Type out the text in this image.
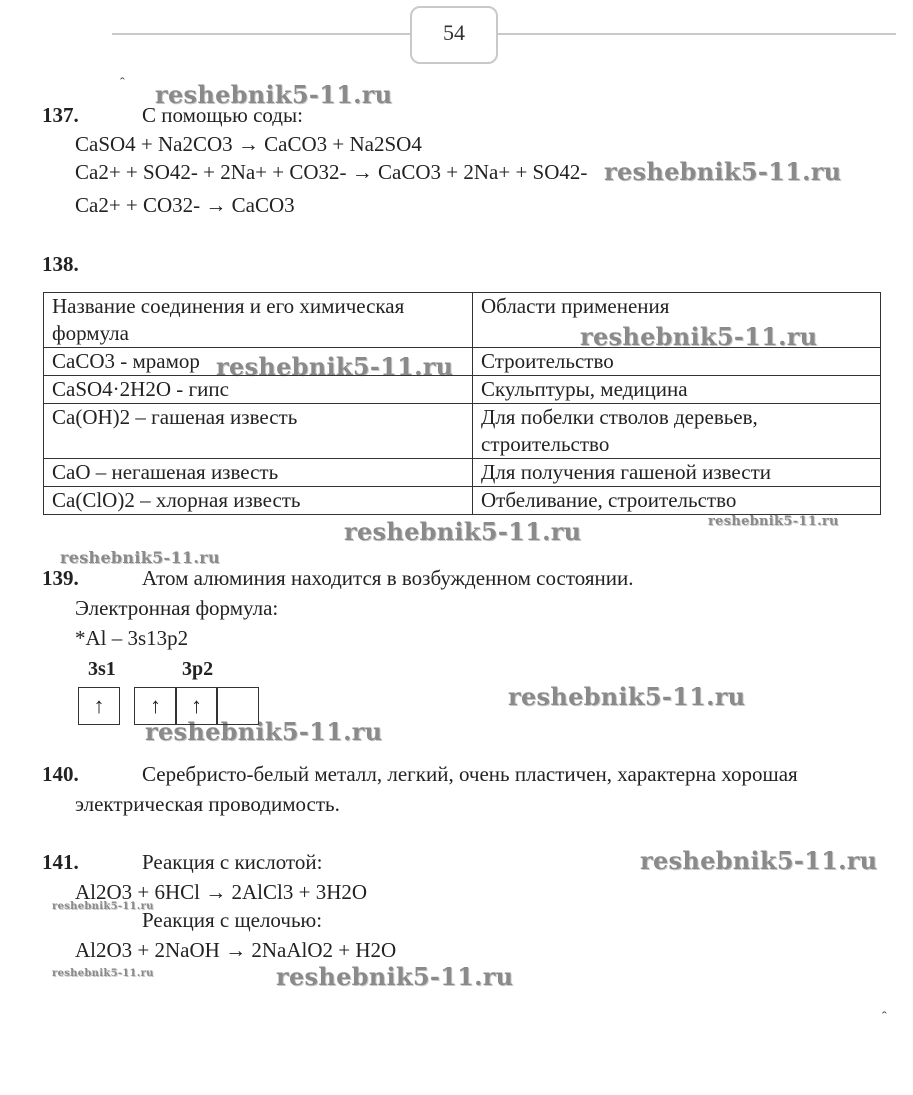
54
reshebnik5-11.ru
reshebnik5-11.ru
reshebnik5-11.ru
reshebnik5-11.ru
reshebnik5-11.ru	reshebnik5-11.ru
reshebnik5-11.ru
reshebnik5-11.ru
reshebnik5-11.ru
reshebnik5-11.ru
reshebnik5-11.ru
reshebnik5-11.ru	reshebnik5-11.ru
ˆ
ˆ
137.	С помощью соды:
CaSO4 + Na2CO3 → CaCO3 + Na2SO4
Ca2+ + SO42- + 2Na+ + CO32- → CaCO3 + 2Na+ + SO42-
Ca2+ + CO32- → CaCO3
138.
Название соединения и его химическая формула	Области применения
CaCO3 - мрамор	Строительство
CaSO4·2H2O - гипс	Скульптуры, медицина
Ca(OH)2 – гашеная известь	Для побелки стволов деревьев, строительство
CaO – негашеная известь	Для получения гашеной извести
Ca(ClO)2 – хлорная известь	Отбеливание, строительство
139.	Атом алюминия находится в возбужденном состоянии.
Электронная формула:
*Al – 3s13p2
3s1	3p2
↑	↑	↑
140.	Серебристо-белый металл, легкий, очень пластичен, характерна хорошая
электрическая проводимость.
141.	Реакция с кислотой:
Al2O3 + 6HCl → 2AlCl3 + 3H2O
Реакция с щелочью:
Al2O3 + 2NaOH → 2NaAlO2 + H2O
